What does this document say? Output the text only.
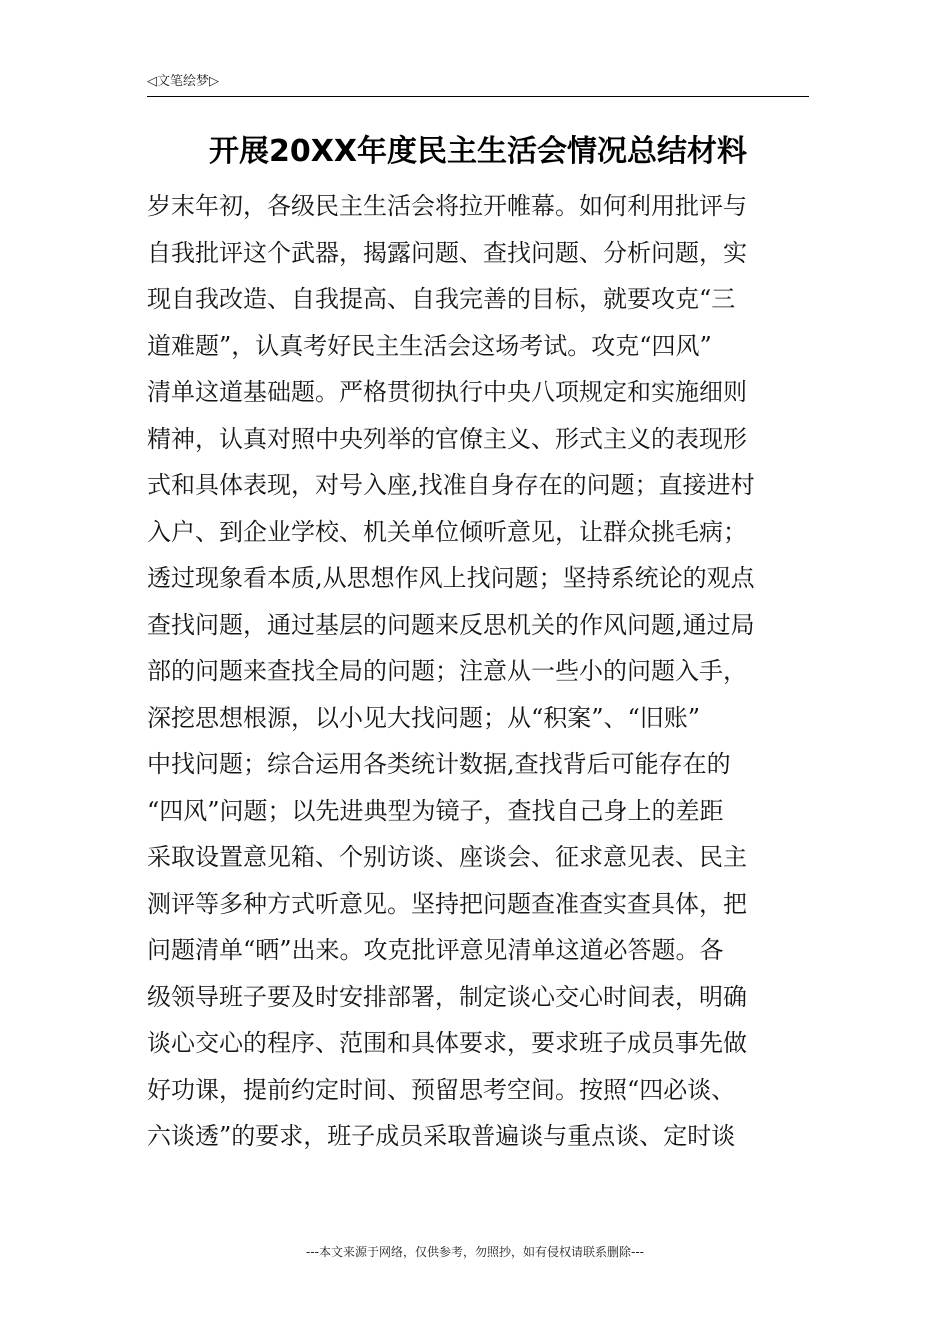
◁文笔绘梦▷
开展20XX年度民主生活会情况总结材料
岁末年初，各级民主生活会将拉开帷幕。如何利用批评与
自我批评这个武器，揭露问题、查找问题、分析问题，实
现自我改造、自我提高、自我完善的目标，就要攻克“三
道难题”，认真考好民主生活会这场考试。攻克“四风”
清单这道基础题。严格贯彻执行中央八项规定和实施细则
精神，认真对照中央列举的官僚主义、形式主义的表现形
式和具体表现，对号入座,找准自身存在的问题；直接进村
入户、到企业学校、机关单位倾听意见，让群众挑毛病；
透过现象看本质,从思想作风上找问题；坚持系统论的观点
查找问题，通过基层的问题来反思机关的作风问题,通过局
部的问题来查找全局的问题；注意从一些小的问题入手，
深挖思想根源，以小见大找问题；从“积案”、“旧账”
中找问题；综合运用各类统计数据,查找背后可能存在的
“四风”问题；以先进典型为镜子，查找自己身上的差距
采取设置意见箱、个别访谈、座谈会、征求意见表、民主
测评等多种方式听意见。坚持把问题查准查实查具体，把
问题清单“晒”出来。攻克批评意见清单这道必答题。各
级领导班子要及时安排部署，制定谈心交心时间表，明确
谈心交心的程序、范围和具体要求，要求班子成员事先做
好功课，提前约定时间、预留思考空间。按照“四必谈、
六谈透”的要求，班子成员采取普遍谈与重点谈、定时谈
---本文来源于网络，仅供参考，勿照抄，如有侵权请联系删除---
